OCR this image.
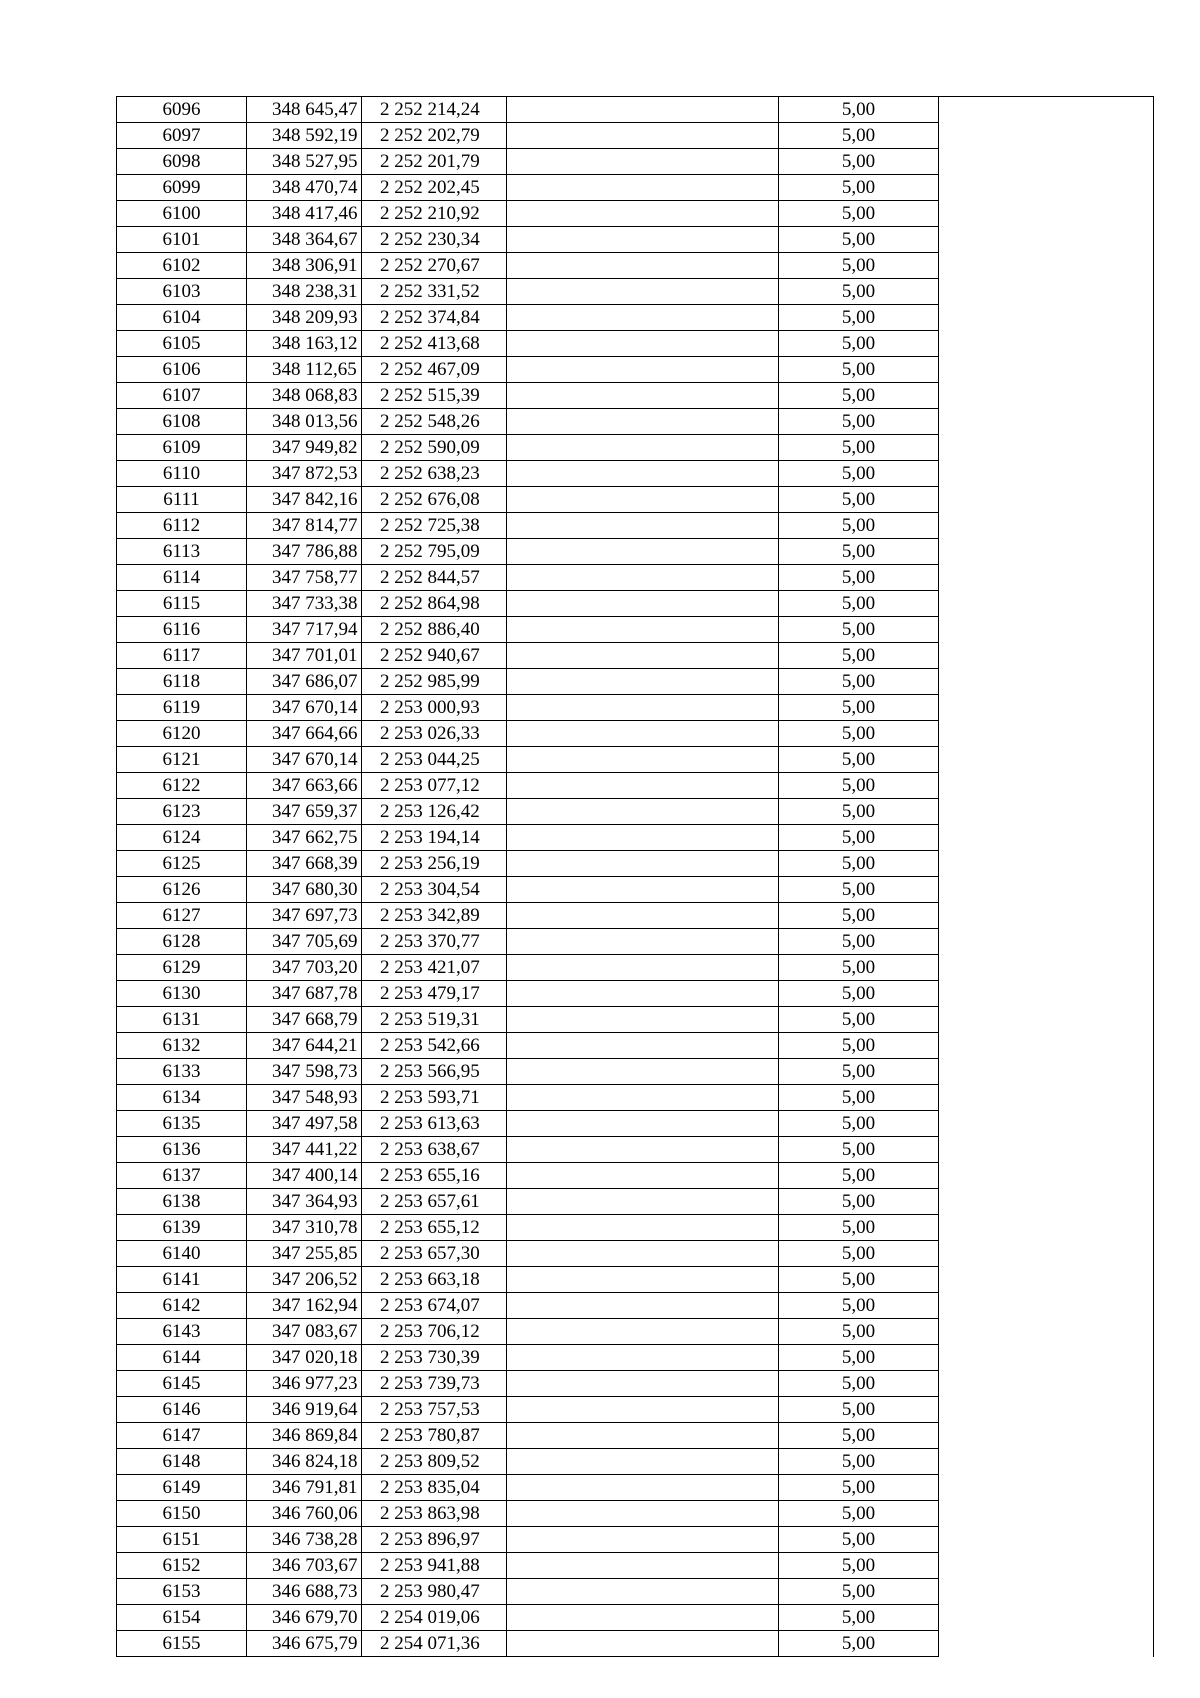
6096	348 645,47	2 252 214,24		5,00	
6097	348 592,19	2 252 202,79		5,00	
6098	348 527,95	2 252 201,79		5,00	
6099	348 470,74	2 252 202,45		5,00	
6100	348 417,46	2 252 210,92		5,00	
6101	348 364,67	2 252 230,34		5,00	
6102	348 306,91	2 252 270,67		5,00	
6103	348 238,31	2 252 331,52		5,00	
6104	348 209,93	2 252 374,84		5,00	
6105	348 163,12	2 252 413,68		5,00	
6106	348 112,65	2 252 467,09		5,00	
6107	348 068,83	2 252 515,39		5,00	
6108	348 013,56	2 252 548,26		5,00	
6109	347 949,82	2 252 590,09		5,00	
6110	347 872,53	2 252 638,23		5,00	
6111	347 842,16	2 252 676,08		5,00	
6112	347 814,77	2 252 725,38		5,00	
6113	347 786,88	2 252 795,09		5,00	
6114	347 758,77	2 252 844,57		5,00	
6115	347 733,38	2 252 864,98		5,00	
6116	347 717,94	2 252 886,40		5,00	
6117	347 701,01	2 252 940,67		5,00	
6118	347 686,07	2 252 985,99		5,00	
6119	347 670,14	2 253 000,93		5,00	
6120	347 664,66	2 253 026,33		5,00	
6121	347 670,14	2 253 044,25		5,00	
6122	347 663,66	2 253 077,12		5,00	
6123	347 659,37	2 253 126,42		5,00	
6124	347 662,75	2 253 194,14		5,00	
6125	347 668,39	2 253 256,19		5,00	
6126	347 680,30	2 253 304,54		5,00	
6127	347 697,73	2 253 342,89		5,00	
6128	347 705,69	2 253 370,77		5,00	
6129	347 703,20	2 253 421,07		5,00	
6130	347 687,78	2 253 479,17		5,00	
6131	347 668,79	2 253 519,31		5,00	
6132	347 644,21	2 253 542,66		5,00	
6133	347 598,73	2 253 566,95		5,00	
6134	347 548,93	2 253 593,71		5,00	
6135	347 497,58	2 253 613,63		5,00	
6136	347 441,22	2 253 638,67		5,00	
6137	347 400,14	2 253 655,16		5,00	
6138	347 364,93	2 253 657,61		5,00	
6139	347 310,78	2 253 655,12		5,00	
6140	347 255,85	2 253 657,30		5,00	
6141	347 206,52	2 253 663,18		5,00	
6142	347 162,94	2 253 674,07		5,00	
6143	347 083,67	2 253 706,12		5,00	
6144	347 020,18	2 253 730,39		5,00	
6145	346 977,23	2 253 739,73		5,00	
6146	346 919,64	2 253 757,53		5,00	
6147	346 869,84	2 253 780,87		5,00	
6148	346 824,18	2 253 809,52		5,00	
6149	346 791,81	2 253 835,04		5,00	
6150	346 760,06	2 253 863,98		5,00	
6151	346 738,28	2 253 896,97		5,00	
6152	346 703,67	2 253 941,88		5,00	
6153	346 688,73	2 253 980,47		5,00	
6154	346 679,70	2 254 019,06		5,00	
6155	346 675,79	2 254 071,36		5,00	
